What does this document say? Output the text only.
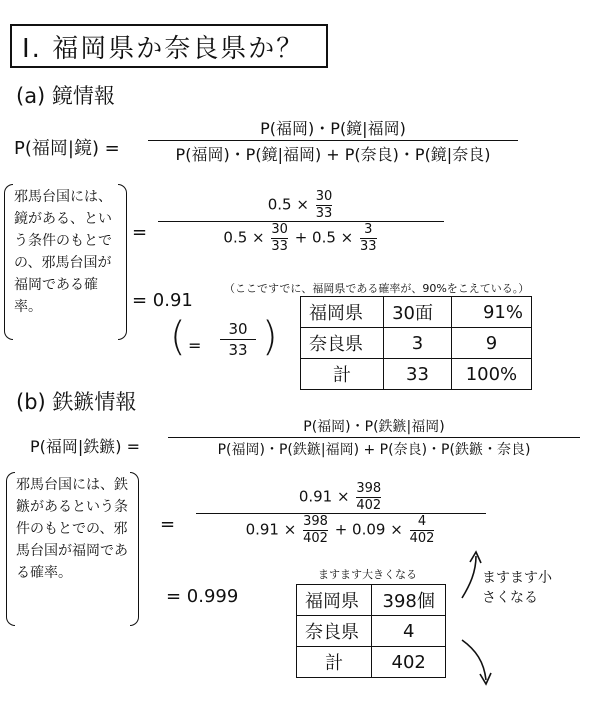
I. 福岡県か奈良県か？
(a) 鏡情報
P(福岡|鏡) =
P(福岡)・P(鏡|福岡)
P(福岡)・P(鏡|福岡) + P(奈良)・P(鏡|奈良)
邪馬台国には、鏡がある、という条件のもとでの、邪馬台国が福岡である確率。
=
$0.5 \times \frac{30}{33}$
$0.5 \times \frac{30}{33} + 0.5 \times \frac{3}{33}$
= 0.91
（ここですでに、福岡県である確率が、90%をこえている。）
( =
30
33 )
福岡県	30面	91%
奈良県	3	9
計	33	100%
(b) 鉄鏃情報
P(福岡|鉄鏃) =
P(福岡)・P(鉄鏃|福岡)
P(福岡)・P(鉄鏃|福岡) + P(奈良)・P(鉄鏃・奈良)
邪馬台国には、鉄鏃があるという条件のもとでの、邪馬台国が福岡である確率。
=
$0.91 \times \frac{398}{402}$
$0.91 \times \frac{398}{402} + 0.09 \times \frac{4}{402}$
= 0.999
ますます大きくなる	ますます小さくなる
福岡県	398個
奈良県	4
計	402
